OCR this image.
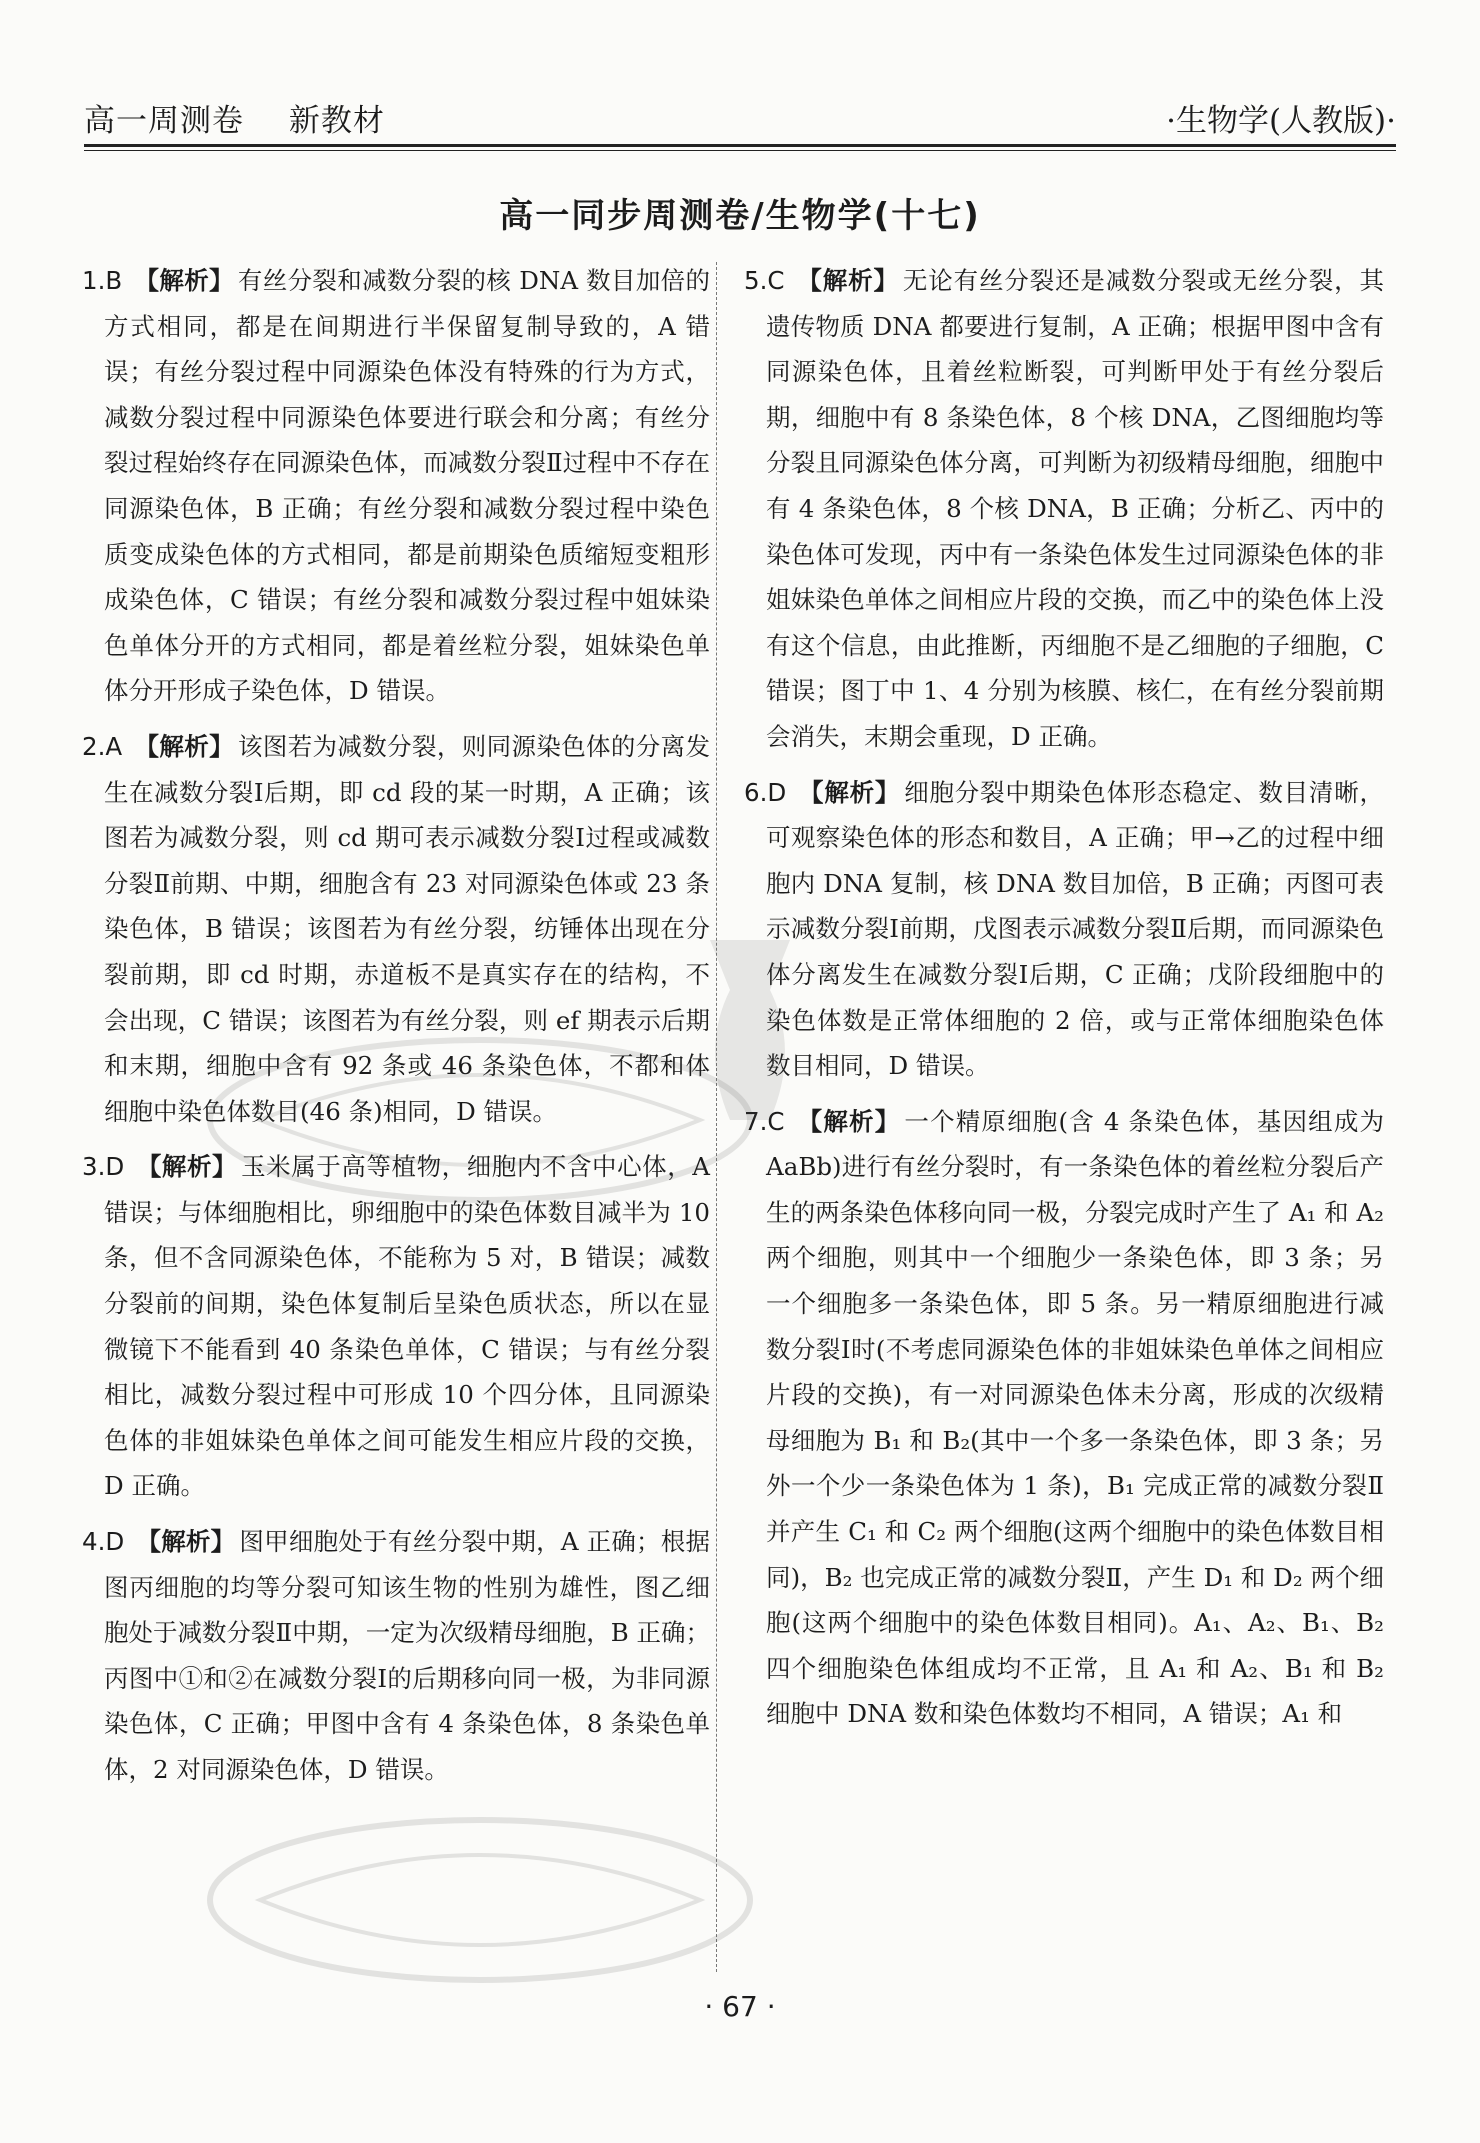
高一周测卷 新教材	·生物学(人教版)·
高一同步周测卷/生物学(十七)

1.B 【解析】 有丝分裂和减数分裂的核 DNA 数目加倍的方式相同，都是在间期进行半保留复制导致的，A 错误；有丝分裂过程中同源染色体没有特殊的行为方式，减数分裂过程中同源染色体要进行联会和分离；有丝分裂过程始终存在同源染色体，而减数分裂Ⅱ过程中不存在同源染色体，B 正确；有丝分裂和减数分裂过程中染色质变成染色体的方式相同，都是前期染色质缩短变粗形成染色体，C 错误；有丝分裂和减数分裂过程中姐妹染色单体分开的方式相同，都是着丝粒分裂，姐妹染色单体分开形成子染色体，D 错误。

2.A 【解析】 该图若为减数分裂，则同源染色体的分离发生在减数分裂Ⅰ后期，即 cd 段的某一时期，A 正确；该图若为减数分裂，则 cd 期可表示减数分裂Ⅰ过程或减数分裂Ⅱ前期、中期，细胞含有 23 对同源染色体或 23 条染色体，B 错误；该图若为有丝分裂，纺锤体出现在分裂前期，即 cd 时期，赤道板不是真实存在的结构，不会出现，C 错误；该图若为有丝分裂，则 ef 期表示后期和末期，细胞中含有 92 条或 46 条染色体，不都和体细胞中染色体数目(46 条)相同，D 错误。

3.D 【解析】 玉米属于高等植物，细胞内不含中心体，A 错误；与体细胞相比，卵细胞中的染色体数目减半为 10 条，但不含同源染色体，不能称为 5 对，B 错误；减数分裂前的间期，染色体复制后呈染色质状态，所以在显微镜下不能看到 40 条染色单体，C 错误；与有丝分裂相比，减数分裂过程中可形成 10 个四分体，且同源染色体的非姐妹染色单体之间可能发生相应片段的交换，D 正确。

4.D 【解析】 图甲细胞处于有丝分裂中期，A 正确；根据图丙细胞的均等分裂可知该生物的性别为雄性，图乙细胞处于减数分裂Ⅱ中期，一定为次级精母细胞，B 正确；丙图中①和②在减数分裂Ⅰ的后期移向同一极，为非同源染色体，C 正确；甲图中含有 4 条染色体，8 条染色单体，2 对同源染色体，D 错误。

5.C 【解析】 无论有丝分裂还是减数分裂或无丝分裂，其遗传物质 DNA 都要进行复制，A 正确；根据甲图中含有同源染色体，且着丝粒断裂，可判断甲处于有丝分裂后期，细胞中有 8 条染色体，8 个核 DNA，乙图细胞均等分裂且同源染色体分离，可判断为初级精母细胞，细胞中有 4 条染色体，8 个核 DNA，B 正确；分析乙、丙中的染色体可发现，丙中有一条染色体发生过同源染色体的非姐妹染色单体之间相应片段的交换，而乙中的染色体上没有这个信息，由此推断，丙细胞不是乙细胞的子细胞，C 错误；图丁中 1、4 分别为核膜、核仁，在有丝分裂前期会消失，末期会重现，D 正确。

6.D 【解析】 细胞分裂中期染色体形态稳定、数目清晰，可观察染色体的形态和数目，A 正确；甲→乙的过程中细胞内 DNA 复制，核 DNA 数目加倍，B 正确；丙图可表示减数分裂Ⅰ前期，戊图表示减数分裂Ⅱ后期，而同源染色体分离发生在减数分裂Ⅰ后期，C 正确；戊阶段细胞中的染色体数是正常体细胞的 2 倍，或与正常体细胞染色体数目相同，D 错误。

7.C 【解析】 一个精原细胞(含 4 条染色体，基因组成为 AaBb)进行有丝分裂时，有一条染色体的着丝粒分裂后产生的两条染色体移向同一极，分裂完成时产生了 A₁ 和 A₂ 两个细胞，则其中一个细胞少一条染色体，即 3 条；另一个细胞多一条染色体，即 5 条。另一精原细胞进行减数分裂Ⅰ时(不考虑同源染色体的非姐妹染色单体之间相应片段的交换)，有一对同源染色体未分离，形成的次级精母细胞为 B₁ 和 B₂(其中一个多一条染色体，即 3 条；另外一个少一条染色体为 1 条)，B₁ 完成正常的减数分裂Ⅱ并产生 C₁ 和 C₂ 两个细胞(这两个细胞中的染色体数目相同)，B₂ 也完成正常的减数分裂Ⅱ，产生 D₁ 和 D₂ 两个细胞(这两个细胞中的染色体数目相同)。A₁、A₂、B₁、B₂ 四个细胞染色体组成均不正常，且 A₁ 和 A₂、B₁ 和 B₂ 细胞中 DNA 数和染色体数均不相同，A 错误；A₁ 和

· 67 ·
